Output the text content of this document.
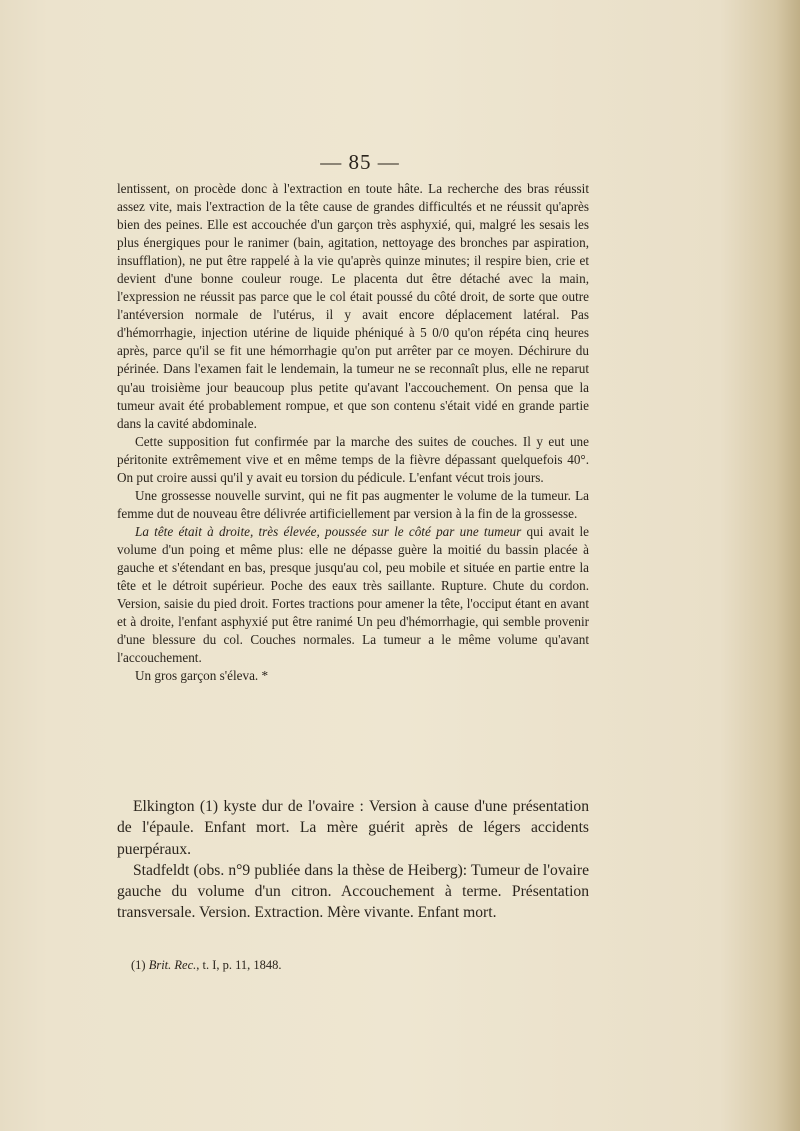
— 85 —

lentissent, on procède donc à l'extraction en toute hâte. La recherche des bras réussit assez vite, mais l'extraction de la tête cause de grandes difficultés et ne réussit qu'après bien des peines. Elle est accouchée d'un garçon très asphyxié, qui, malgré les sesais les plus énergiques pour le ranimer (bain, agitation, nettoyage des bronches par aspiration, insufflation), ne put être rappelé à la vie qu'après quinze minutes; il respire bien, crie et devient d'une bonne couleur rouge. Le placenta dut être détaché avec la main, l'expression ne réussit pas parce que le col était poussé du côté droit, de sorte que outre l'antéversion normale de l'utérus, il y avait encore déplacement latéral. Pas d'hémorrhagie, injection utérine de liquide phéniqué à 5 0/0 qu'on répéta cinq heures après, parce qu'il se fit une hémorrhagie qu'on put arrêter par ce moyen. Déchirure du périnée. Dans l'examen fait le lendemain, la tumeur ne se reconnaît plus, elle ne reparut qu'au troisième jour beaucoup plus petite qu'avant l'accouchement. On pensa que la tumeur avait été probablement rompue, et que son contenu s'était vidé en grande partie dans la cavité abdominale.

Cette supposition fut confirmée par la marche des suites de couches. Il y eut une péritonite extrêmement vive et en même temps de la fièvre dépassant quelquefois 40°. On put croire aussi qu'il y avait eu torsion du pédicule. L'enfant vécut trois jours.

Une grossesse nouvelle survint, qui ne fit pas augmenter le volume de la tumeur. La femme dut de nouveau être délivrée artificiellement par version à la fin de la grossesse.

La tête était à droite, très élevée, poussée sur le côté par une tumeur qui avait le volume d'un poing et même plus: elle ne dépasse guère la moitié du bassin placée à gauche et s'étendant en bas, presque jusqu'au col, peu mobile et située en partie entre la tête et le détroit supérieur. Poche des eaux très saillante. Rupture. Chute du cordon. Version, saisie du pied droit. Fortes tractions pour amener la tête, l'occiput étant en avant et à droite, l'enfant asphyxié put être ranimé Un peu d'hémorrhagie, qui semble provenir d'une blessure du col. Couches normales. La tumeur a le même volume qu'avant l'accouchement.

Un gros garçon s'éleva. *

Elkington (1) kyste dur de l'ovaire : Version à cause d'une présentation de l'épaule. Enfant mort. La mère guérit après de légers accidents puerpéraux.

Stadfeldt (obs. n°9 publiée dans la thèse de Heiberg): Tumeur de l'ovaire gauche du volume d'un citron. Accouchement à terme. Présentation transversale. Version. Extraction. Mère vivante. Enfant mort.

(1) Brit. Rec., t. I, p. 11, 1848.
